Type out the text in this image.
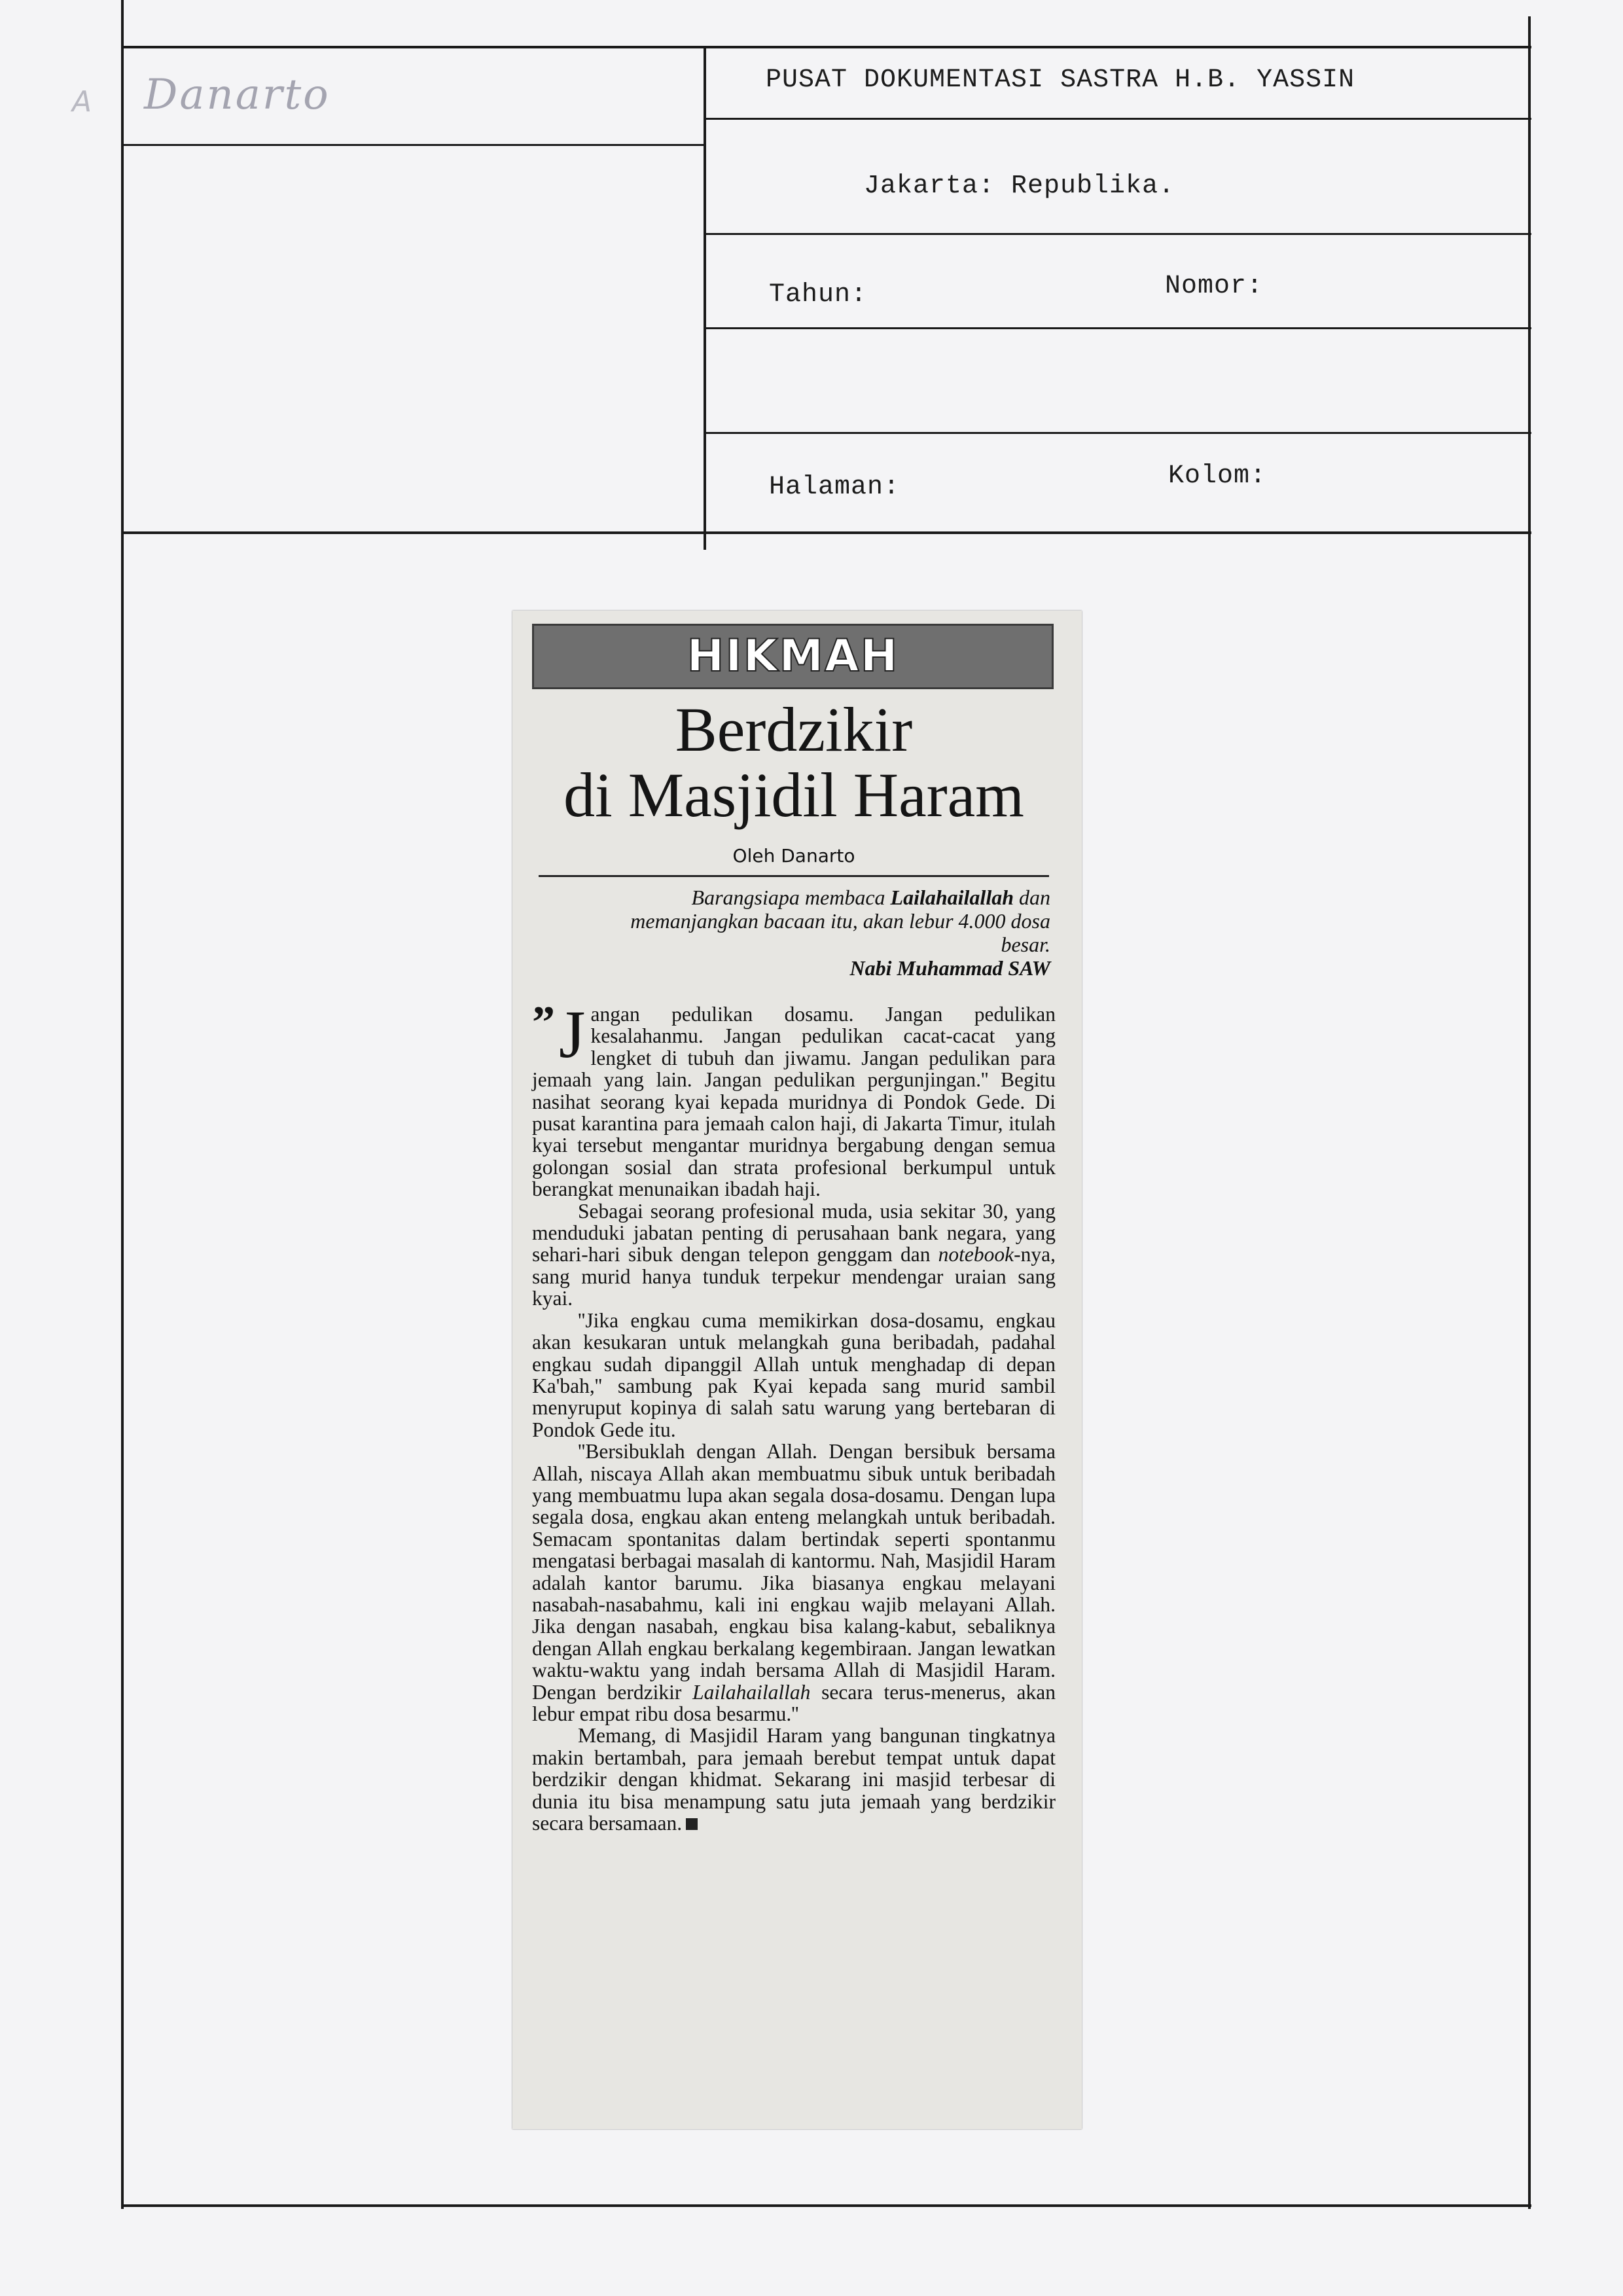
A Danarto	PUSAT DOKUMENTASI SASTRA H.B. YASSIN
Jakarta: Republika.
Tahun:	Nomor:
Halaman:	Kolom:
HIKMAH
Berdzikir
di Masjidil Haram
Oleh Danarto
Barangsiapa membaca Lailahailallah dan memanjangkan bacaan itu, akan lebur 4.000 dosa besar.
Nabi Muhammad SAW

” J angan pedulikan dosamu. Jangan pedulikan kesalahanmu. Jangan pedulikan cacat-cacat yang lengket di tubuh dan jiwamu. Jangan pedulikan para jemaah yang lain. Jangan pedulikan pergunjingan.'' Begitu nasihat seorang kyai kepada muridnya di Pondok Gede. Di pusat karantina para jemaah calon haji, di Jakarta Timur, itulah kyai tersebut mengantar muridnya bergabung dengan semua golongan sosial dan strata profesional berkumpul untuk berangkat menunaikan ibadah haji.

Sebagai seorang profesional muda, usia sekitar 30, yang menduduki jabatan penting di perusahaan bank negara, yang sehari-hari sibuk dengan telepon genggam dan notebook-nya, sang murid hanya tunduk terpekur mendengar uraian sang kyai.

''Jika engkau cuma memikirkan dosa-dosamu, engkau akan kesukaran untuk melangkah guna beribadah, padahal engkau sudah dipanggil Allah untuk menghadap di depan Ka'bah,'' sambung pak Kyai kepada sang murid sambil menyruput kopinya di salah satu warung yang bertebaran di Pondok Gede itu.

''Bersibuklah dengan Allah. Dengan bersibuk bersama Allah, niscaya Allah akan membuatmu sibuk untuk beribadah yang membuatmu lupa akan segala dosa-dosamu. Dengan lupa segala dosa, engkau akan enteng melangkah untuk beribadah. Semacam spontanitas dalam bertindak seperti spontanmu mengatasi berbagai masalah di kantormu. Nah, Masjidil Haram adalah kantor barumu. Jika biasanya engkau melayani nasabah-nasabahmu, kali ini engkau wajib melayani Allah. Jika dengan nasabah, engkau bisa kalang-kabut, sebaliknya dengan Allah engkau berkalang kegembiraan. Jangan lewatkan waktu-waktu yang indah bersama Allah di Masjidil Haram. Dengan berdzikir Lailahailallah secara terus-menerus, akan lebur empat ribu dosa besarmu.''

Memang, di Masjidil Haram yang bangunan tingkatnya makin bertambah, para jemaah berebut tempat untuk dapat berdzikir dengan khidmat. Sekarang ini masjid terbesar di dunia itu bisa menampung satu juta jemaah yang berdzikir secara bersamaan.
